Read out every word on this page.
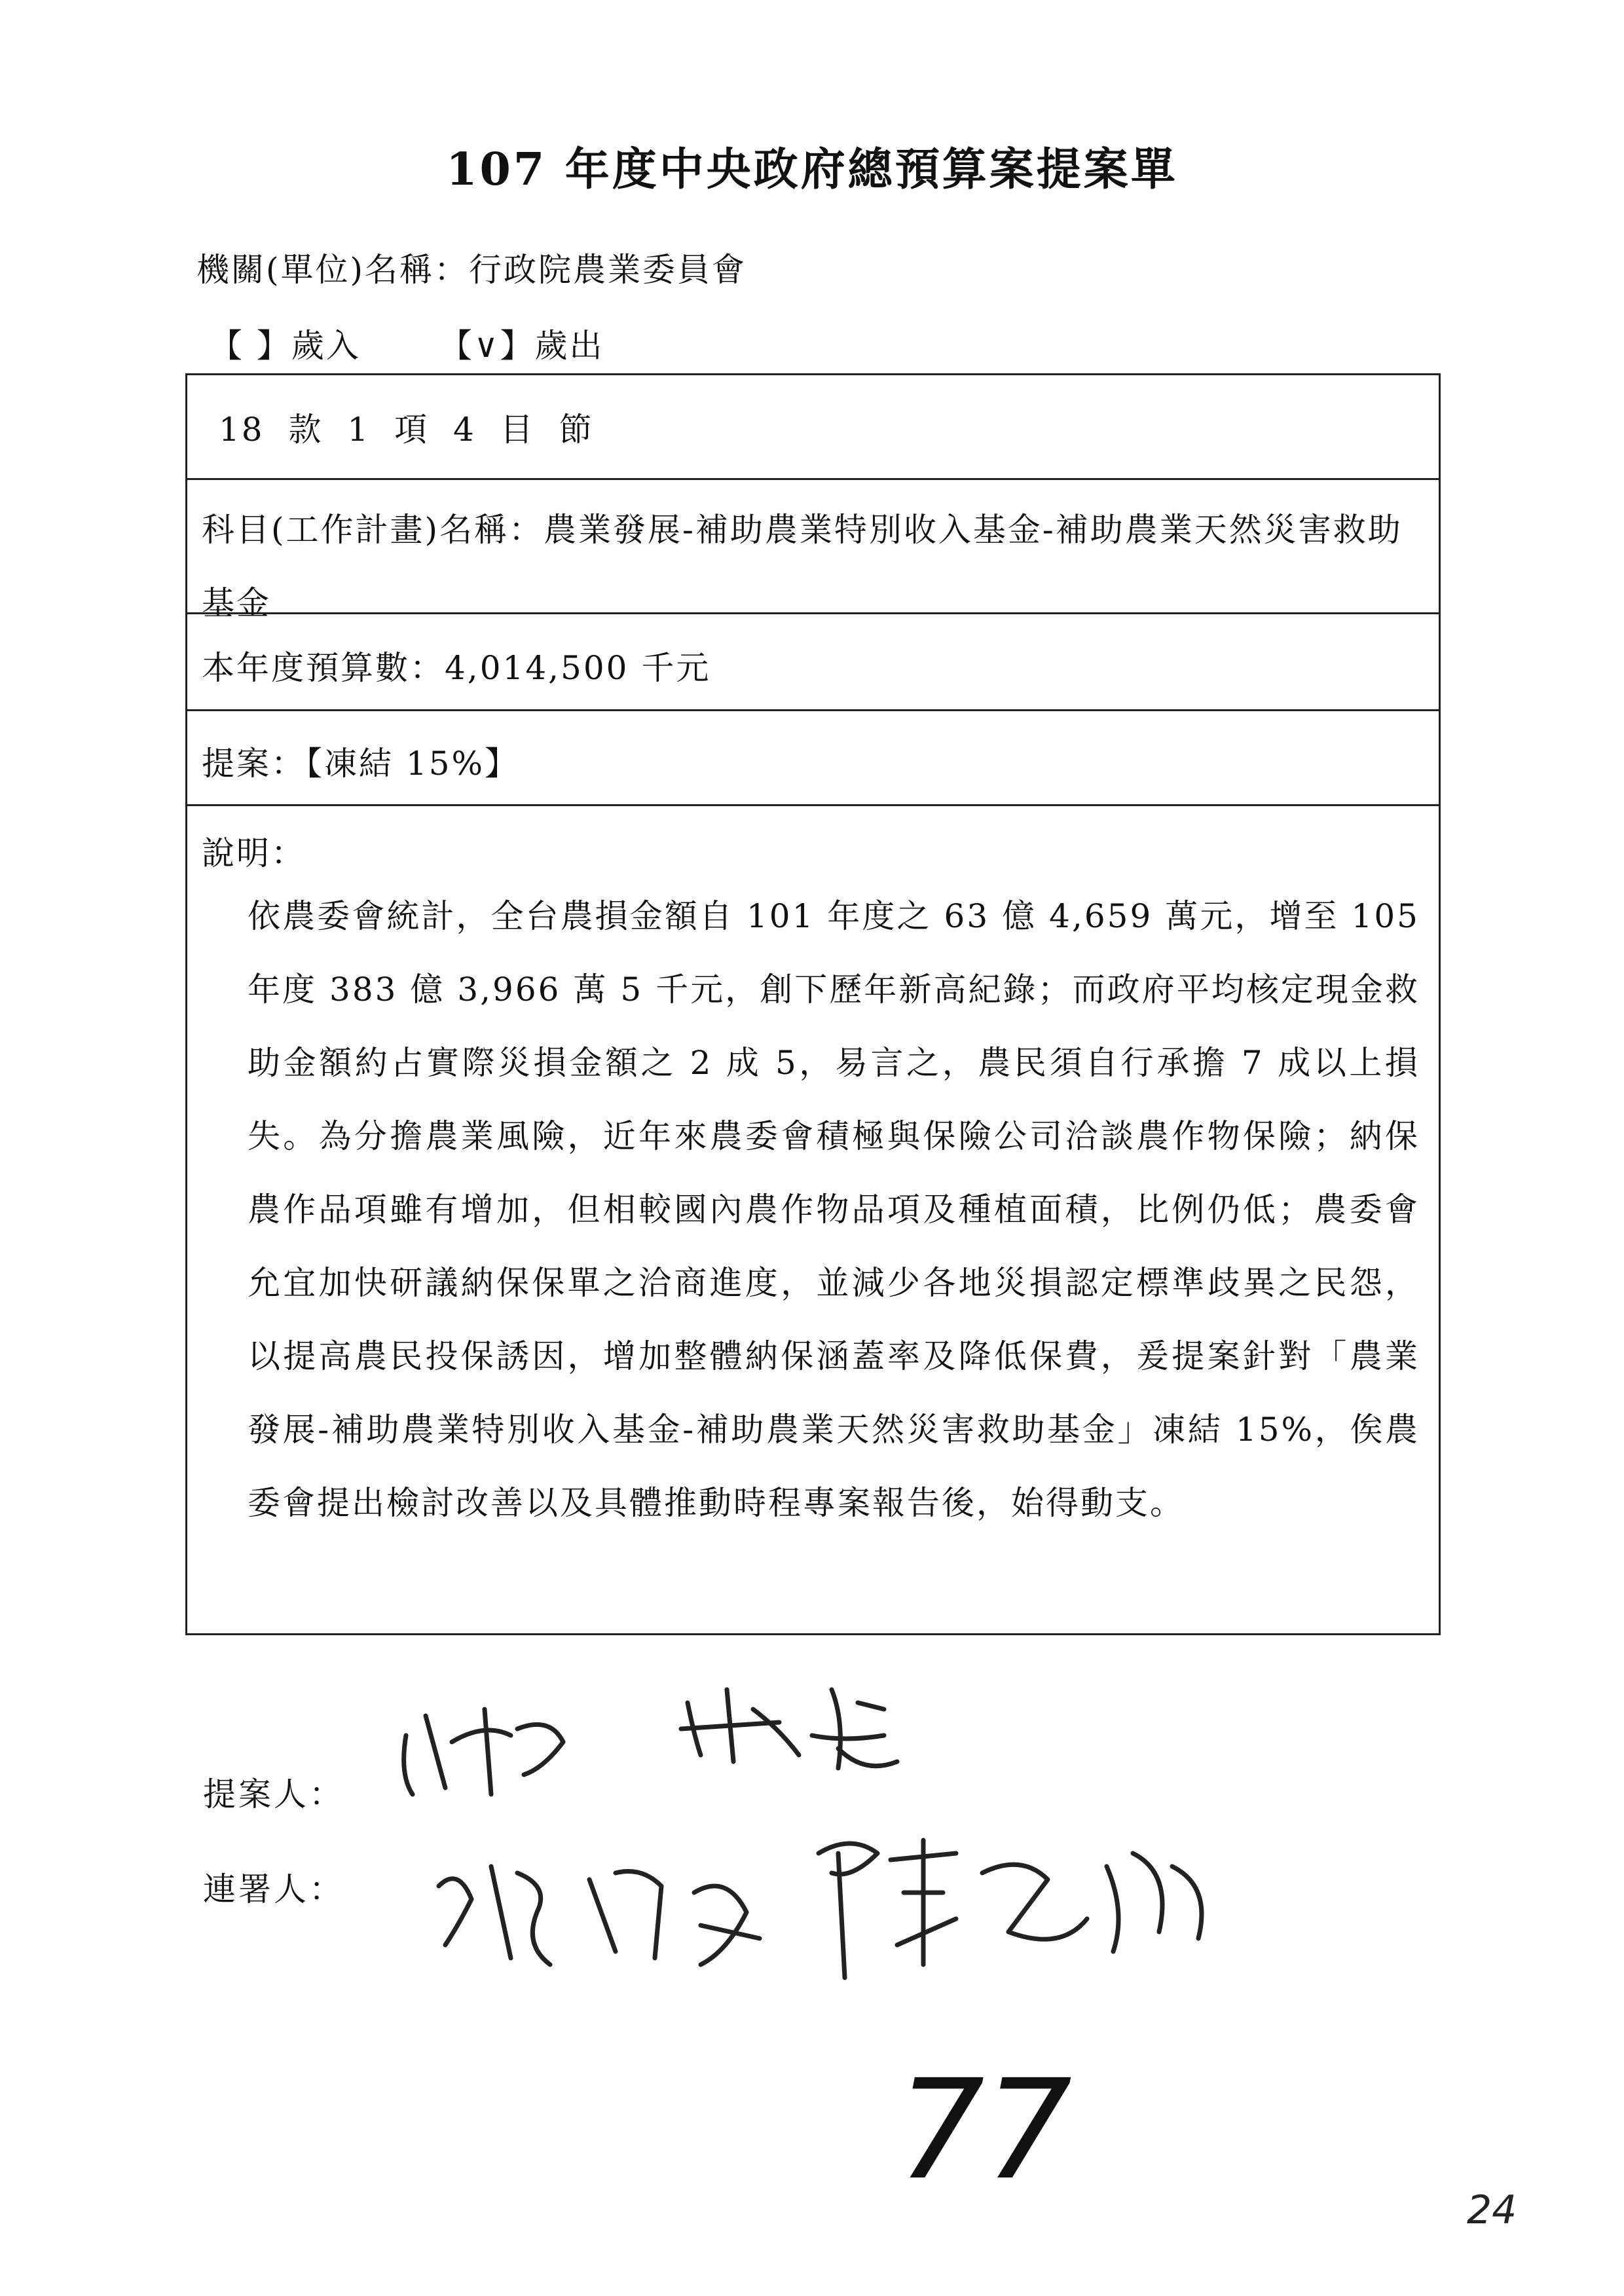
107 年度中央政府總預算案提案單
機關(單位)名稱：行政院農業委員會
【 】歲入 【∨】歲出
18 款 1 項 4 目 節
科目(工作計畫)名稱：農業發展-補助農業特別收入基金-補助農業天然災害救助基金
本年度預算數：4,014,500 千元
提案：【凍結 15%】
說明：
依農委會統計，全台農損金額自 101 年度之 63 億 4,659 萬元，增至 105 年度 383 億 3,966 萬 5 千元，創下歷年新高紀錄；而政府平均核定現金救助金額約占實際災損金額之 2 成 5，易言之，農民須自行承擔 7 成以上損失。為分擔農業風險，近年來農委會積極與保險公司洽談農作物保險；納保農作品項雖有增加，但相較國內農作物品項及種植面積，比例仍低；農委會允宜加快研議納保保單之洽商進度，並減少各地災損認定標準歧異之民怨，以提高農民投保誘因，增加整體納保涵蓋率及降低保費，爰提案針對「農業發展-補助農業特別收入基金-補助農業天然災害救助基金」凍結 15%，俟農委會提出檢討改善以及具體推動時程專案報告後，始得動支。
提案人：
連署人：
77	24
